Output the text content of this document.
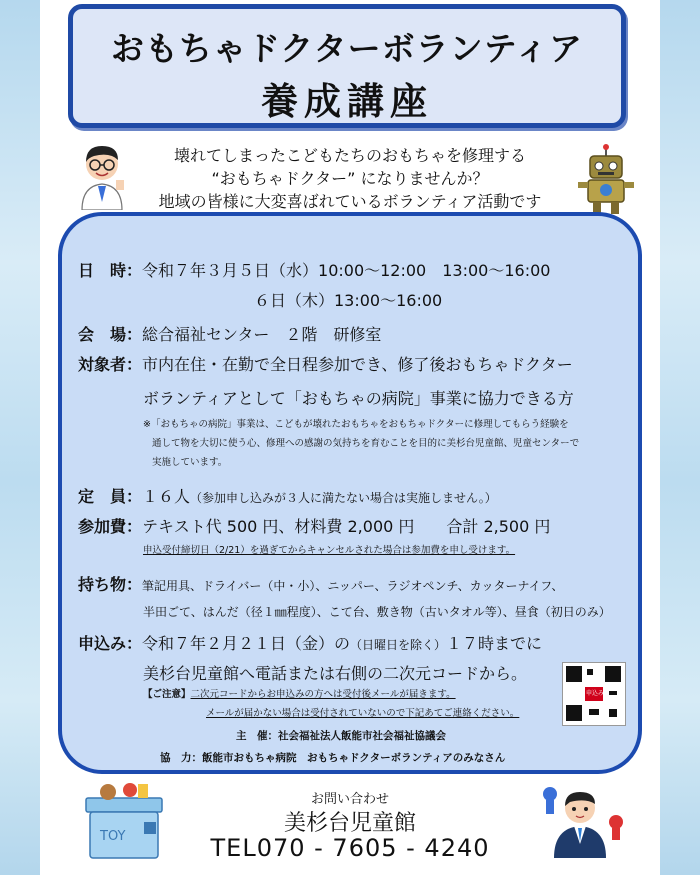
おもちゃドクターボランティア
養成講座
壊れてしまったこどもたちのおもちゃを修理する
“おもちゃドクター” になりませんか？
地域の皆様に大変喜ばれているボランティア活動です
日　時：令和７年３月５日（水）10:00〜12:00　13:00〜16:00
６日（木）13:00〜16:00
会　場：総合福祉センター　２階　研修室
対象者：市内在住・在勤で全日程参加でき、修了後おもちゃドクター
ボランティアとして「おもちゃの病院」事業に協力できる方
※「おもちゃの病院」事業は、こどもが壊れたおもちゃをおもちゃドクターに修理してもらう経験を
通して物を大切に使う心、修理への感謝の気持ちを育むことを目的に美杉台児童館、児童センターで
実施しています。
定　員：１６人（参加申し込みが３人に満たない場合は実施しません。）
参加費：テキスト代 500 円、材料費 2,000 円　　合計 2,500 円
申込受付締切日（2/21）を過ぎてからキャンセルされた場合は参加費を申し受けます。
持ち物：筆記用具、ドライバー（中・小）、ニッパー、ラジオペンチ、カッターナイフ、
半田ごて、はんだ（径１㎜程度）、こて台、敷き物（古いタオル等）、昼食（初日のみ）
申込み：令和７年２月２１日（金）の（日曜日を除く）１７時までに
美杉台児童館へ電話または右側の二次元コードから。
【ご注意】二次元コードからお申込みの方へは受付後メールが届きます。
メールが届かない場合は受付されていないので下記あてご連絡ください。
主　催：社会福祉法人飯能市社会福祉協議会
協　力：飯能市おもちゃ病院　おもちゃドクターボランティアのみなさん
申込み
TOY
お問い合わせ
美杉台児童館
TEL070 - 7605 - 4240
